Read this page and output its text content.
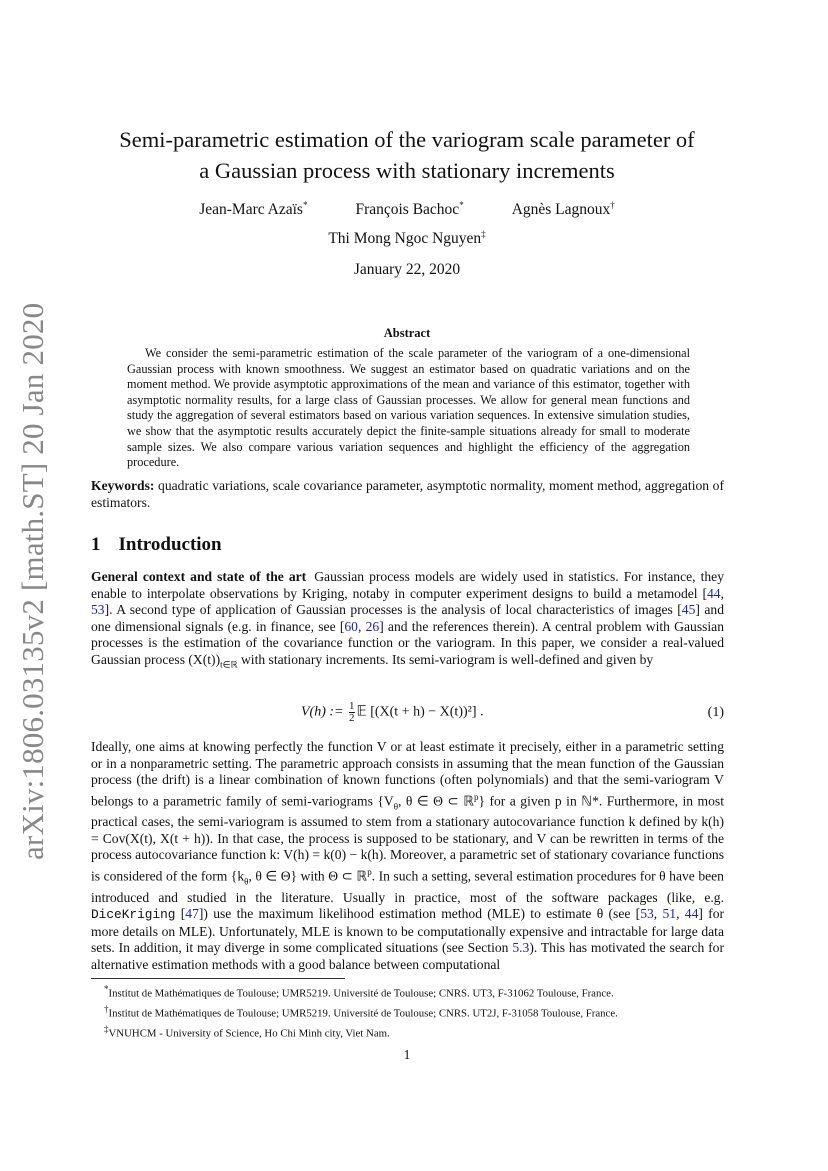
arXiv:1806.03135v2 [math.ST] 20 Jan 2020
Semi-parametric estimation of the variogram scale parameter of
a Gaussian process with stationary increments
Jean-Marc Azaïs*	François Bachoc*	Agnès Lagnoux†
Thi Mong Ngoc Nguyen‡
January 22, 2020
Abstract
We consider the semi-parametric estimation of the scale parameter of the variogram of a one-dimensional Gaussian process with known smoothness. We suggest an estimator based on quadratic variations and on the moment method. We provide asymptotic approximations of the mean and variance of this estimator, together with asymptotic normality results, for a large class of Gaussian processes. We allow for general mean functions and study the aggregation of several estimators based on various variation sequences. In extensive simulation studies, we show that the asymptotic results accurately depict the finite-sample situations already for small to moderate sample sizes. We also compare various variation sequences and highlight the efficiency of the aggregation procedure.
Keywords: quadratic variations, scale covariance parameter, asymptotic normality, moment method, aggregation of estimators.
1 Introduction
General context and state of the art Gaussian process models are widely used in statistics. For instance, they enable to interpolate observations by Kriging, notaby in computer experiment designs to build a metamodel [44, 53]. A second type of application of Gaussian processes is the analysis of local characteristics of images [45] and one dimensional signals (e.g. in finance, see [60, 26] and the references therein). A central problem with Gaussian processes is the estimation of the covariance function or the variogram. In this paper, we consider a real-valued Gaussian process $(X(t))_{t\in ℝ}$ with stationary increments. Its semi-variogram is well-defined and given by
V(h) := $\frac{1}{2}$ 𝔼 [(X(t + h) − X(t))²] .	(1)
Ideally, one aims at knowing perfectly the function V or at least estimate it precisely, either in a parametric setting or in a nonparametric setting. The parametric approach consists in assuming that the mean function of the Gaussian process (the drift) is a linear combination of known functions (often polynomials) and that the semi-variogram V belongs to a parametric family of semi-variograms {$V_\theta$, θ ∈ Θ ⊂ ℝ$^p$} for a given p in ℕ*. Furthermore, in most practical cases, the semi-variogram is assumed to stem from a stationary autocovariance function k defined by k(h) = Cov(X(t), X(t + h)). In that case, the process is supposed to be stationary, and V can be rewritten in terms of the process autocovariance function k: V(h) = k(0) − k(h). Moreover, a parametric set of stationary covariance functions is considered of the form {$k_\theta$, θ ∈ Θ} with Θ ⊂ ℝ$^p$. In such a setting, several estimation procedures for θ have been introduced and studied in the literature. Usually in practice, most of the software packages (like, e.g. DiceKriging [47]) use the maximum likelihood estimation method (MLE) to estimate θ (see [53, 51, 44] for more details on MLE). Unfortunately, MLE is known to be computationally expensive and intractable for large data sets. In addition, it may diverge in some complicated situations (see Section 5.3). This has motivated the search for alternative estimation methods with a good balance between computational
*Institut de Mathématiques de Toulouse; UMR5219. Université de Toulouse; CNRS. UT3, F-31062 Toulouse, France.
†Institut de Mathématiques de Toulouse; UMR5219. Université de Toulouse; CNRS. UT2J, F-31058 Toulouse, France.
‡VNUHCM - University of Science, Ho Chi Minh city, Viet Nam.
1
